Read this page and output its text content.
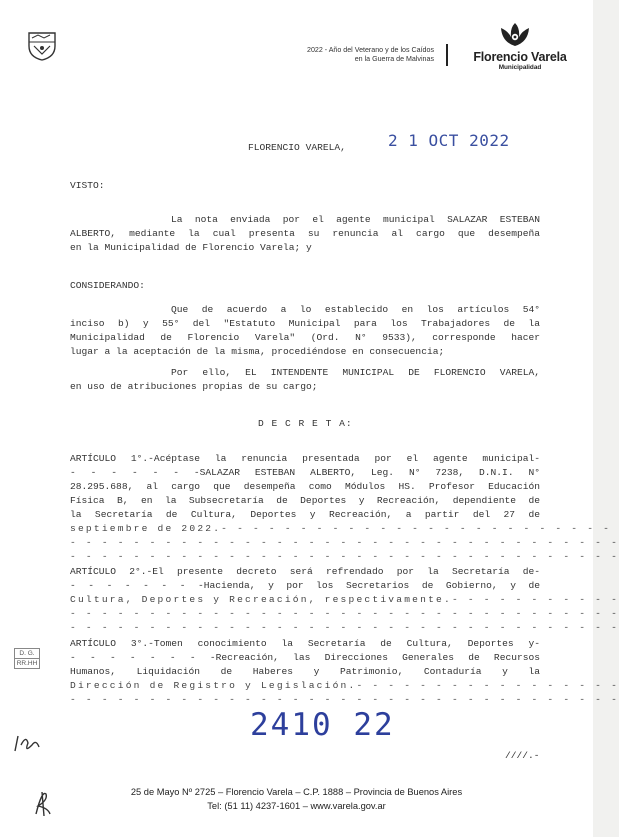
2022 - Año del Veterano y de los Caídos
en la Guerra de Malvinas	Florencio Varela
Municipalidad
FLORENCIO VARELA,	2 1 OCT 2022
VISTO:
La nota enviada por el agente municipal SALAZAR ESTEBAN
ALBERTO, mediante la cual presenta su renuncia al cargo que desempeña
en la Municipalidad de Florencio Varela; y
CONSIDERANDO:
Que de acuerdo a lo establecido en los artículos 54°
inciso b) y 55° del "Estatuto Municipal para los Trabajadores de la
Municipalidad de Florencio Varela" (Ord. N° 9533), corresponde hacer
lugar a la aceptación de la misma, procediéndose en consecuencia;
Por ello, EL INTENDENTE MUNICIPAL DE FLORENCIO VARELA,
en uso de atribuciones propias de su cargo;
D E C R E T A:
ARTÍCULO 1°.-Acéptase la renuncia presentada por el agente municipal-
- - - - - - -SALAZAR ESTEBAN ALBERTO, Leg. N° 7238, D.N.I. N°
28.295.688, al cargo que desempeña como Módulos HS. Profesor Educación
Física B, en la Subsecretaría de Deportes y Recreación, dependiente de
la Secretaría de Cultura, Deportes y Recreación, a partir del 27 de
septiembre de 2022.- - - - - - - - - - - - - - - - - - - - - - - - -
- - - - - - - - - - - - - - - - - - - - - - - - - - - - - - - - - - -
- - - - - - - - - - - - - - - - - - - - - - - - - - - - - - - - - - -
ARTÍCULO 2°.-El presente decreto será refrendado por la Secretaría de-
- - - - - - - -Hacienda, y por los Secretarios de Gobierno, y de
Cultura, Deportes y Recreación, respectivamente.- - - - - - - - - - -
- - - - - - - - - - - - - - - - - - - - - - - - - - - - - - - - - - -
- - - - - - - - - - - - - - - - - - - - - - - - - - - - - - - - - - -
ARTÍCULO 3°.-Tomen conocimiento la Secretaría de Cultura, Deportes y-
- - - - - - - -Recreación, las Direcciones Generales de Recursos
Humanos, Liquidación de Haberes y Patrimonio, Contaduría y la
Dirección de Registro y Legislación.- - - - - - - - - - - - - - - - -
- - - - - - - - - - - - - - - - - - - - - - - - - - - - - - - - - - -
2410 22
////.-
D. G.
RR.HH
25 de Mayo Nº 2725 – Florencio Varela – C.P. 1888 – Provincia de Buenos Aires
Tel: (51 11) 4237-1601 – www.varela.gov.ar
